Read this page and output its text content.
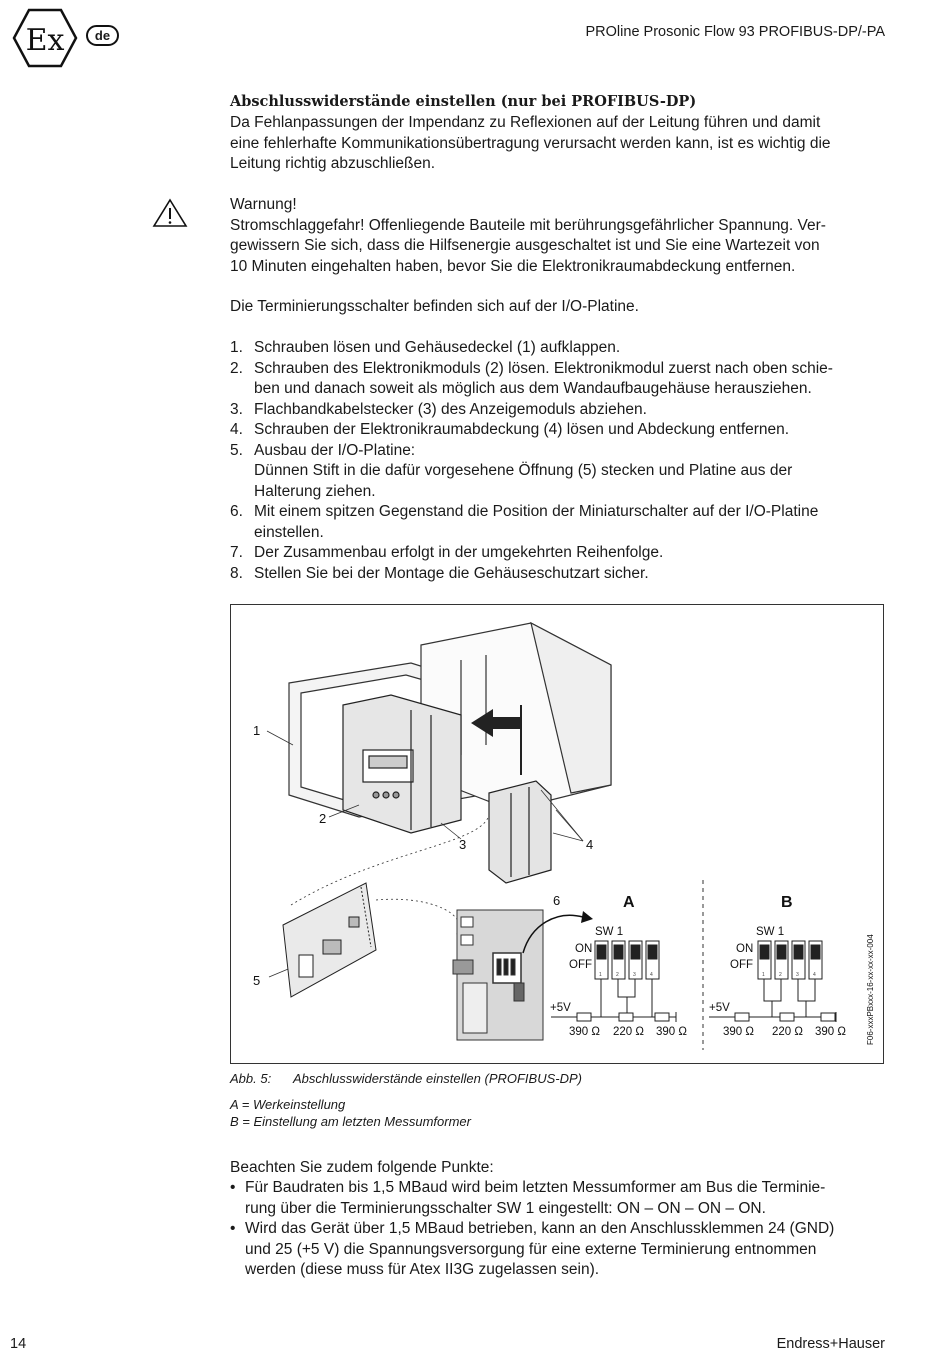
Ex	de	PROline Prosonic Flow 93 PROFIBUS-DP/-PA
Abschlusswiderstände einstellen (nur bei PROFIBUS-DP)
Da Fehlanpassungen der Impendanz zu Reflexionen auf der Leitung führen und damit
eine fehlerhafte Kommunikationsübertragung verursacht werden kann, ist es wichtig die
Leitung richtig abzuschließen.
Warnung!
Stromschlaggefahr! Offenliegende Bauteile mit berührungsgefährlicher Spannung. Ver-
gewissern Sie sich, dass die Hilfsenergie ausgeschaltet ist und Sie eine Wartezeit von
10 Minuten eingehalten haben, bevor Sie die Elektronikraumabdeckung entfernen.
Die Terminierungsschalter befinden sich auf der I/O-Platine.
1. Schrauben lösen und Gehäusedeckel (1) aufklappen.
2. Schrauben des Elektronikmoduls (2) lösen. Elektronikmodul zuerst nach oben schie-
ben und danach soweit als möglich aus dem Wandaufbaugehäuse herausziehen.
3. Flachbandkabelstecker (3) des Anzeigemoduls abziehen.
4. Schrauben der Elektronikraumabdeckung (4) lösen und Abdeckung entfernen.
5. Ausbau der I/O-Platine:
Dünnen Stift in die dafür vorgesehene Öffnung (5) stecken und Platine aus der
Halterung ziehen.
6. Mit einem spitzen Gegenstand die Position der Miniaturschalter auf der I/O-Platine
einstellen.
7. Der Zusammenbau erfolgt in der umgekehrten Reihenfolge.
8. Stellen Sie bei der Montage die Gehäuseschutzart sicher.
1
2
3	4
5
6	A	B
SW 1	SW 1
ON
OFF
ON
OFF
+5V	+5V
390 Ω 220 Ω 390 Ω	390 Ω 220 Ω 390 Ω
1	2	3	4	1	2	3	4	F06-xxxPBxxx-16-xx-xx-xx-004
Abb. 5: Abschlusswiderstände einstellen (PROFIBUS-DP)
A = Werkeinstellung
B = Einstellung am letzten Messumformer
Beachten Sie zudem folgende Punkte:
• Für Baudraten bis 1,5 MBaud wird beim letzten Messumformer am Bus die Terminie-
rung über die Terminierungsschalter SW 1 eingestellt: ON – ON – ON – ON.
• Wird das Gerät über 1,5 MBaud betrieben, kann an den Anschlussklemmen 24 (GND)
und 25 (+5 V) die Spannungsversorgung für eine externe Terminierung entnommen
werden (diese muss für Atex II3G zugelassen sein).
14	Endress+Hauser
